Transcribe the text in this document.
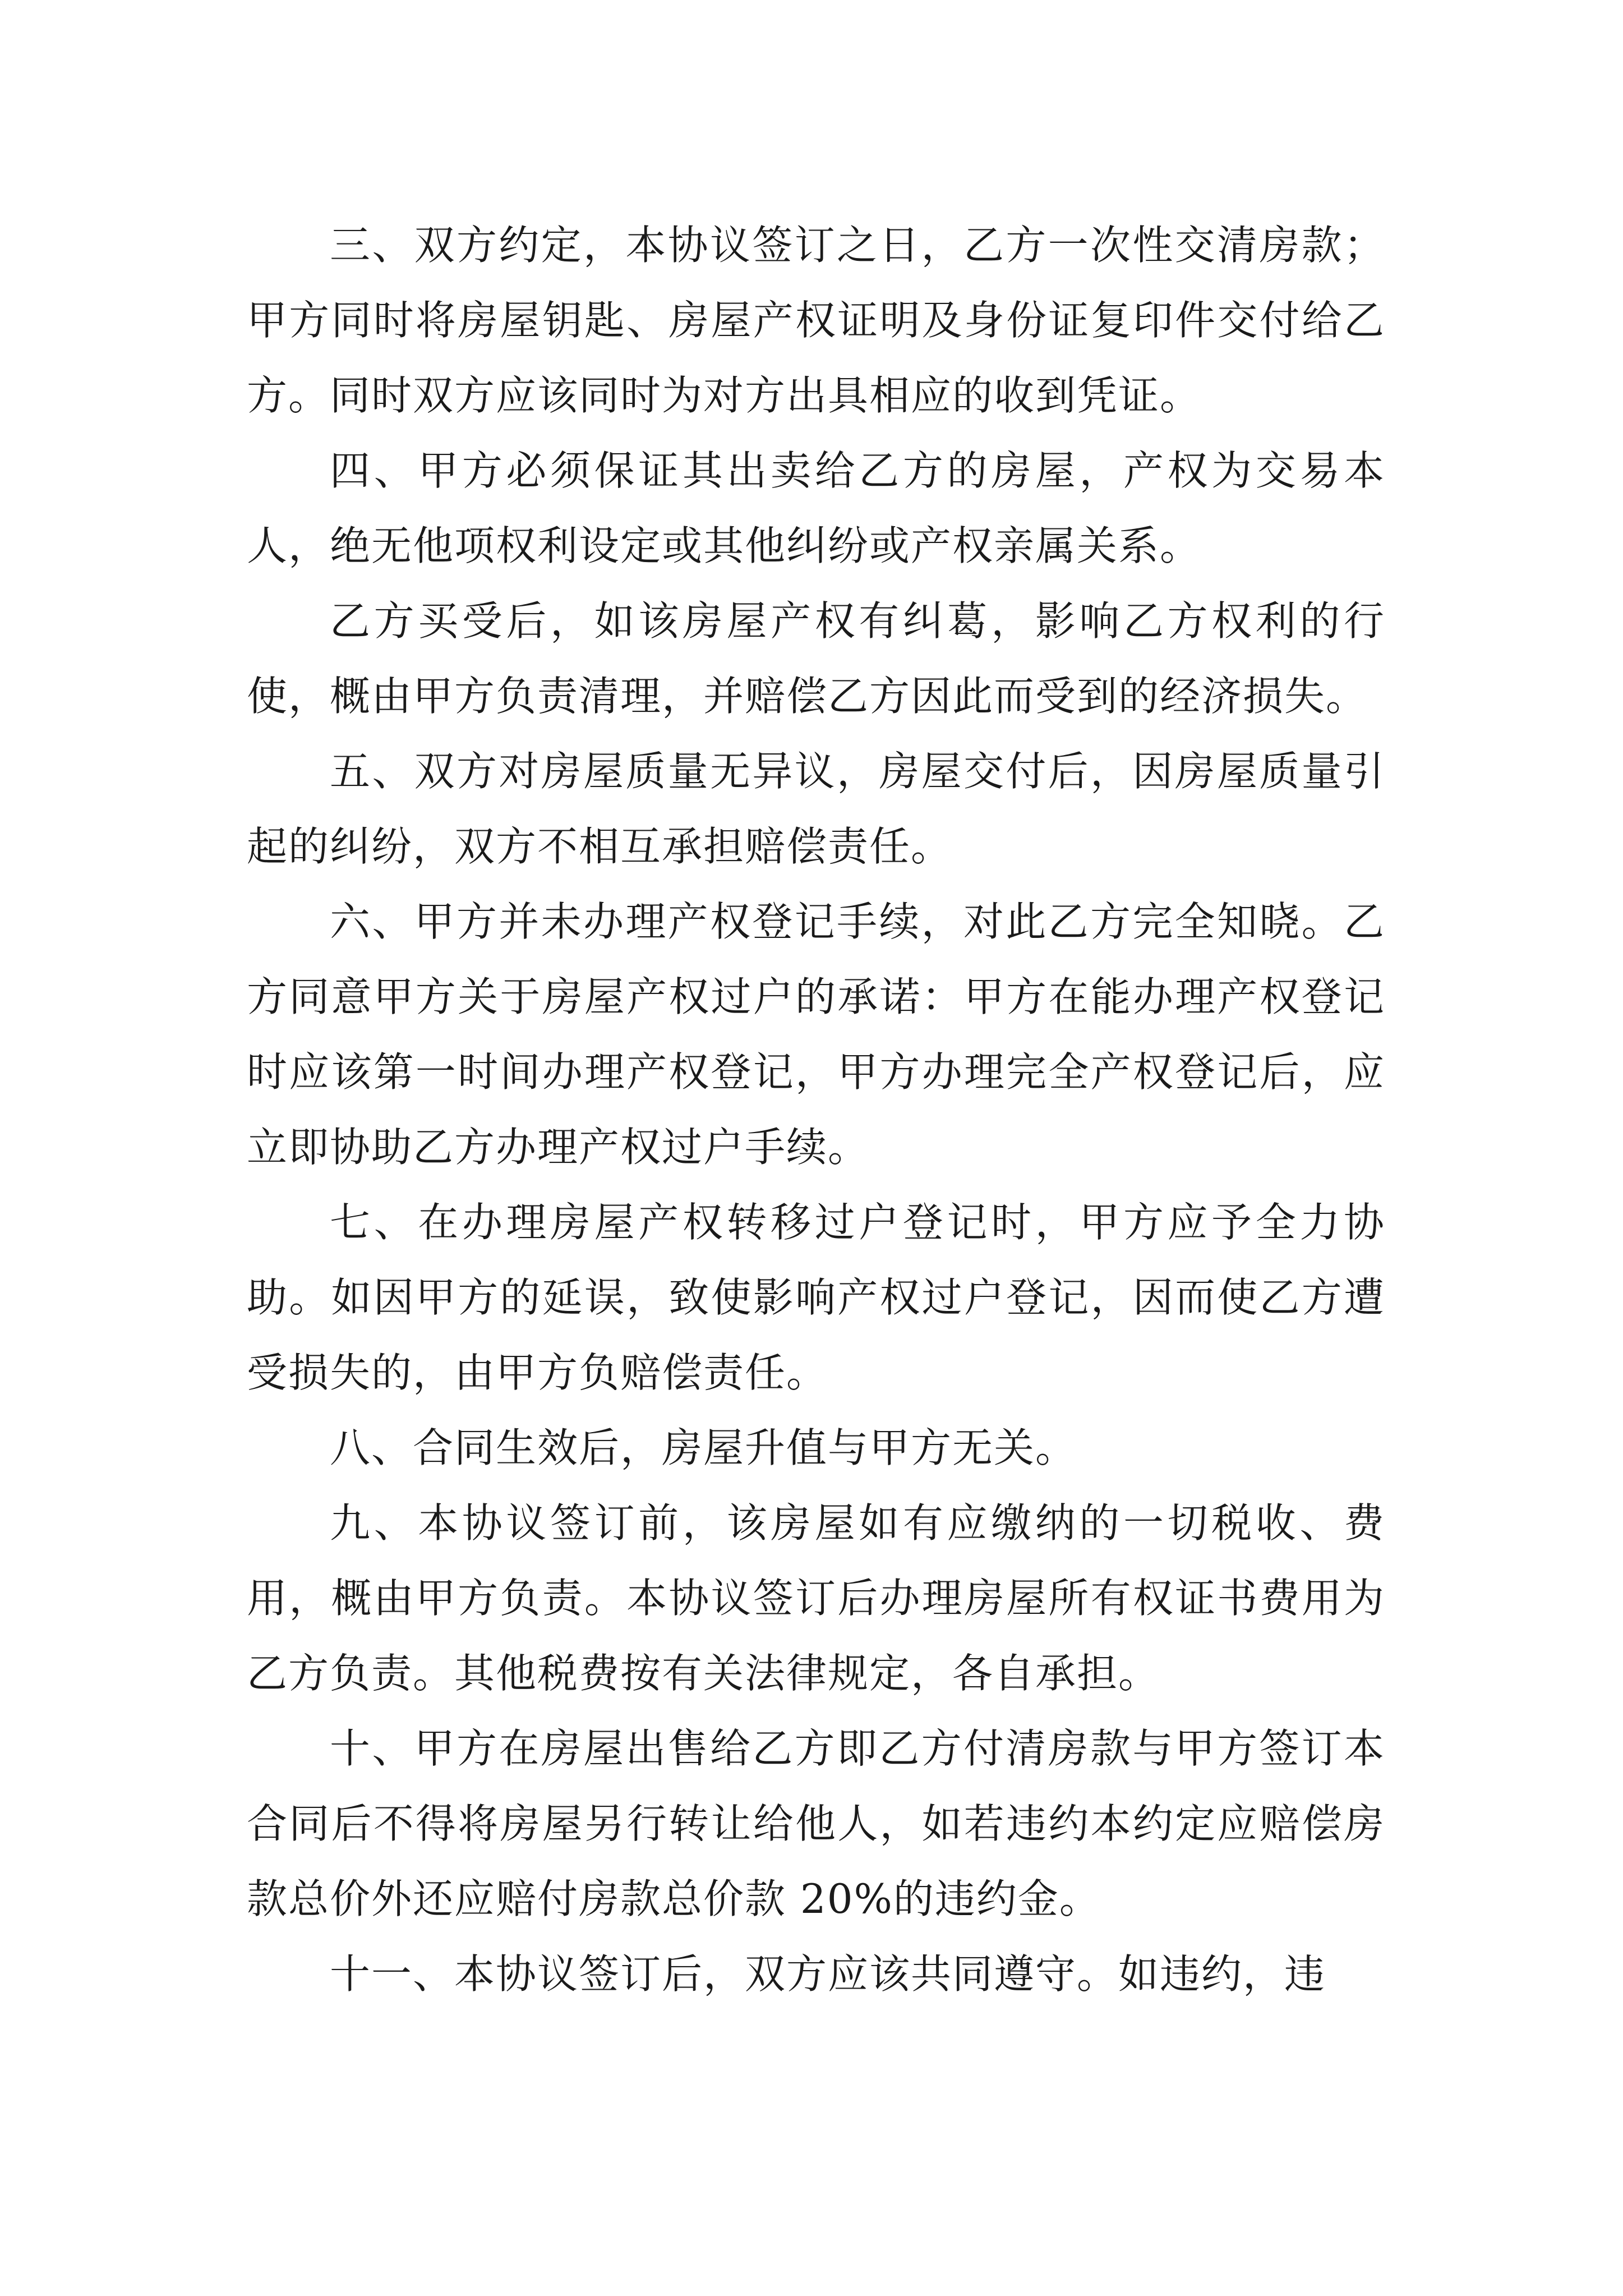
三、双方约定，本协议签订之日，乙方一次性交清房款；甲方同时将房屋钥匙、房屋产权证明及身份证复印件交付给乙方。同时双方应该同时为对方出具相应的收到凭证。

四、甲方必须保证其出卖给乙方的房屋，产权为交易本人，绝无他项权利设定或其他纠纷或产权亲属关系。

乙方买受后，如该房屋产权有纠葛，影响乙方权利的行使，概由甲方负责清理，并赔偿乙方因此而受到的经济损失。

五、双方对房屋质量无异议，房屋交付后，因房屋质量引起的纠纷，双方不相互承担赔偿责任。

六、甲方并未办理产权登记手续，对此乙方完全知晓。乙方同意甲方关于房屋产权过户的承诺：甲方在能办理产权登记时应该第一时间办理产权登记，甲方办理完全产权登记后，应立即协助乙方办理产权过户手续。

七、在办理房屋产权转移过户登记时，甲方应予全力协助。如因甲方的延误，致使影响产权过户登记，因而使乙方遭受损失的，由甲方负赔偿责任。

八、合同生效后，房屋升值与甲方无关。

九、本协议签订前，该房屋如有应缴纳的一切税收、费用，概由甲方负责。本协议签订后办理房屋所有权证书费用为乙方负责。其他税费按有关法律规定，各自承担。

十、甲方在房屋出售给乙方即乙方付清房款与甲方签订本合同后不得将房屋另行转让给他人，如若违约本约定应赔偿房款总价外还应赔付房款总价款 20%的违约金。

十一、本协议签订后，双方应该共同遵守。如违约，违
